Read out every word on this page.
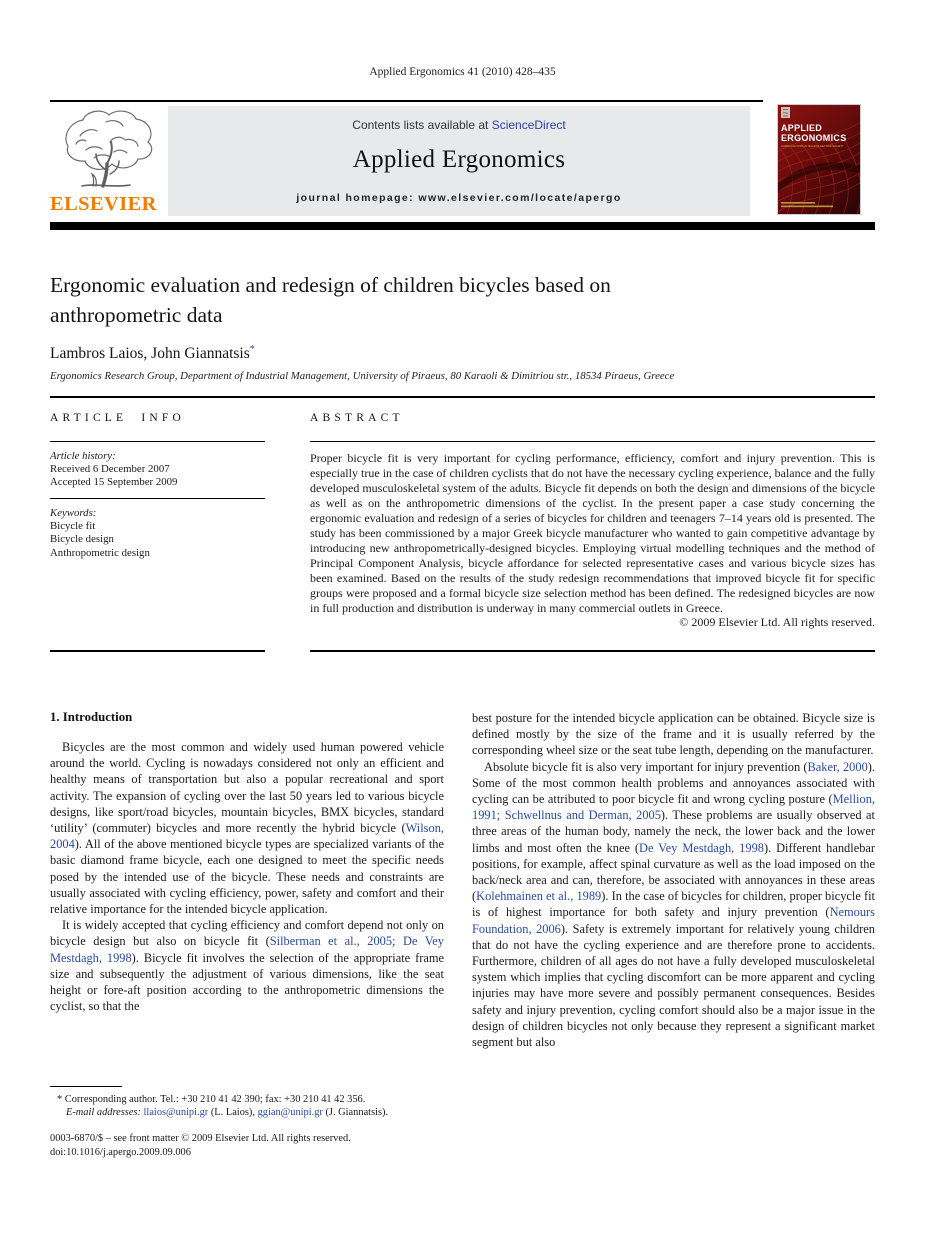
Applied Ergonomics 41 (2010) 428–435
ELSEVIER
Contents lists available at ScienceDirect
Applied Ergonomics
journal homepage: www.elsevier.com/locate/apergo
APPLIED
ERGONOMICS
HUMAN FACTORS IN TECHNOLOGY AND SOCIETY
Ergonomic evaluation and redesign of children bicycles based on anthropometric data
Lambros Laios, John Giannatsis*
Ergonomics Research Group, Department of Industrial Management, University of Piraeus, 80 Karaoli & Dimitriou str., 18534 Piraeus, Greece
ARTICLE INFO
Article history:
Received 6 December 2007
Accepted 15 September 2009
Keywords:
Bicycle fit
Bicycle design
Anthropometric design
ABSTRACT
Proper bicycle fit is very important for cycling performance, efficiency, comfort and injury prevention. This is especially true in the case of children cyclists that do not have the necessary cycling experience, balance and the fully developed musculoskeletal system of the adults. Bicycle fit depends on both the design and dimensions of the bicycle as well as on the anthropometric dimensions of the cyclist. In the present paper a case study concerning the ergonomic evaluation and redesign of a series of bicycles for children and teenagers 7–14 years old is presented. The study has been commissioned by a major Greek bicycle manufacturer who wanted to gain competitive advantage by introducing new anthropometrically-designed bicycles. Employing virtual modelling techniques and the method of Principal Component Analysis, bicycle affordance for selected representative cases and various bicycle sizes has been examined. Based on the results of the study redesign recommendations that improved bicycle fit for specific groups were proposed and a formal bicycle size selection method has been defined. The redesigned bicycles are now in full production and distribution is underway in many commercial outlets in Greece.
© 2009 Elsevier Ltd. All rights reserved.
1. Introduction

Bicycles are the most common and widely used human powered vehicle around the world. Cycling is nowadays considered not only an efficient and healthy means of transportation but also a popular recreational and sport activity. The expansion of cycling over the last 50 years led to various bicycle designs, like sport/road bicycles, mountain bicycles, BMX bicycles, standard ‘utility’ (commuter) bicycles and more recently the hybrid bicycle (Wilson, 2004). All of the above mentioned bicycle types are specialized variants of the basic diamond frame bicycle, each one designed to meet the specific needs posed by the intended use of the bicycle. These needs and constraints are usually associated with cycling efficiency, power, safety and comfort and their relative importance for the intended bicycle application.

It is widely accepted that cycling efficiency and comfort depend not only on bicycle design but also on bicycle fit (Silberman et al., 2005; De Vey Mestdagh, 1998). Bicycle fit involves the selection of the appropriate frame size and subsequently the adjustment of various dimensions, like the seat height or fore-aft position according to the anthropometric dimensions the cyclist, so that the

best posture for the intended bicycle application can be obtained. Bicycle size is defined mostly by the size of the frame and it is usually referred by the corresponding wheel size or the seat tube length, depending on the manufacturer.

Absolute bicycle fit is also very important for injury prevention (Baker, 2000). Some of the most common health problems and annoyances associated with cycling can be attributed to poor bicycle fit and wrong cycling posture (Mellion, 1991; Schwellnus and Derman, 2005). These problems are usually observed at three areas of the human body, namely the neck, the lower back and the lower limbs and most often the knee (De Vey Mestdagh, 1998). Different handlebar positions, for example, affect spinal curvature as well as the load imposed on the back/neck area and can, therefore, be associated with annoyances in these areas (Kolehmainen et al., 1989). In the case of bicycles for children, proper bicycle fit is of highest importance for both safety and injury prevention (Nemours Foundation, 2006). Safety is extremely important for relatively young children that do not have the cycling experience and are therefore prone to accidents. Furthermore, children of all ages do not have a fully developed musculoskeletal system which implies that cycling discomfort can be more apparent and cycling injuries may have more severe and possibly permanent consequences. Besides safety and injury prevention, cycling comfort should also be a major issue in the design of children bicycles not only because they represent a significant market segment but also

* Corresponding author. Tel.: +30 210 41 42 390; fax: +30 210 41 42 356.
E-mail addresses: llaios@unipi.gr (L. Laios), ggian@unipi.gr (J. Giannatsis).
0003-6870/$ – see front matter © 2009 Elsevier Ltd. All rights reserved.
doi:10.1016/j.apergo.2009.09.006
